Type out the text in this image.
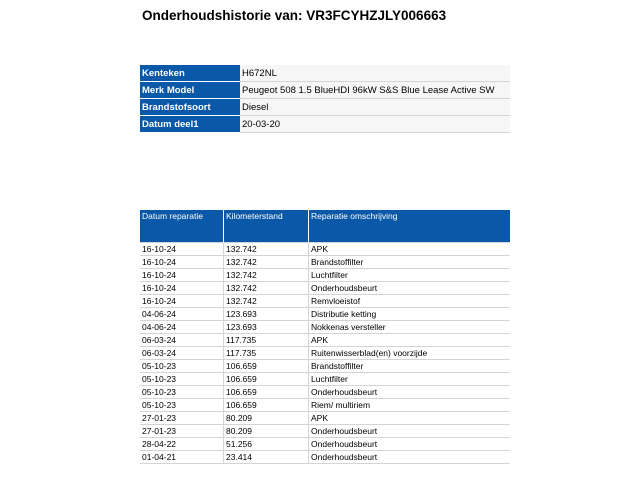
Onderhoudshistorie van: VR3FCYHZJLY006663
Kenteken	H672NL
Merk Model	Peugeot 508 1.5 BlueHDI 96kW S&S Blue Lease Active SW
Brandstofsoort	Diesel
Datum deel1	20-03-20
Datum reparatie	Kilometerstand	Reparatie omschrijving
16-10-24	132.742	APK
16-10-24	132.742	Brandstoffilter
16-10-24	132.742	Luchtfilter
16-10-24	132.742	Onderhoudsbeurt
16-10-24	132.742	Remvloeistof
04-06-24	123.693	Distributie ketting
04-06-24	123.693	Nokkenas versteller
06-03-24	117.735	APK
06-03-24	117.735	Ruitenwisserblad(en) voorzijde
05-10-23	106.659	Brandstoffilter
05-10-23	106.659	Luchtfilter
05-10-23	106.659	Onderhoudsbeurt
05-10-23	106.659	Riem/ multiriem
27-01-23	80.209	APK
27-01-23	80.209	Onderhoudsbeurt
28-04-22	51.256	Onderhoudsbeurt
01-04-21	23.414	Onderhoudsbeurt
